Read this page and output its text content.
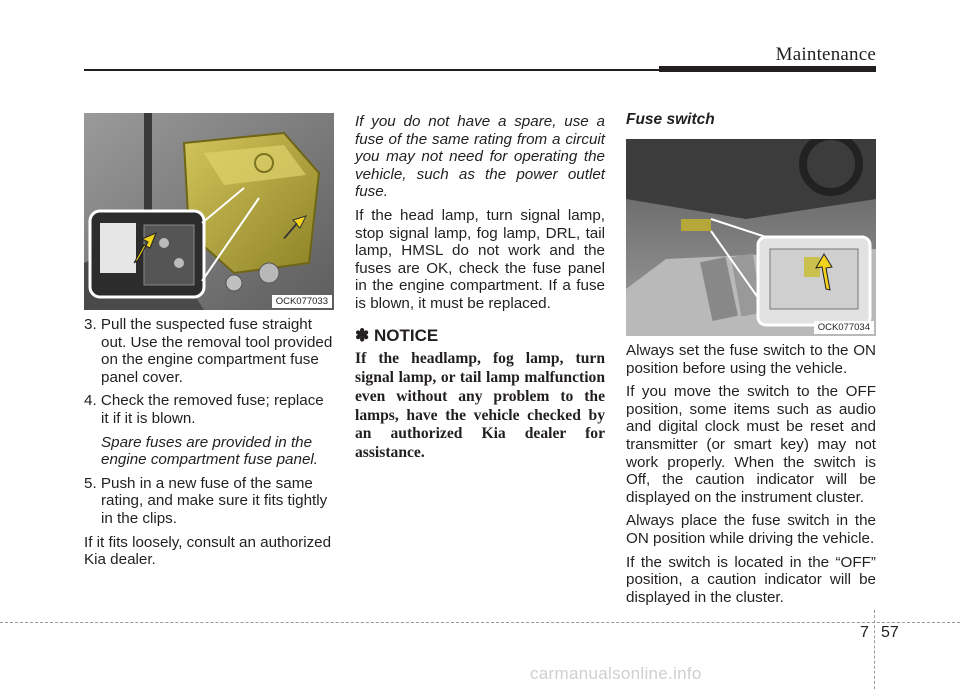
Maintenance
OCK077033

3. Pull the suspected fuse straight out. Use the removal tool provided on the engine compartment fuse panel cover.

4. Check the removed fuse; replace it if it is blown.

Spare fuses are provided in the engine compartment fuse panel.

5. Push in a new fuse of the same rating, and make sure it fits tightly in the clips.

If it fits loosely, consult an authorized Kia dealer.

If you do not have a spare, use a fuse of the same rating from a circuit you may not need for operating the vehicle, such as the power outlet fuse.

If the head lamp, turn signal lamp, stop signal lamp, fog lamp, DRL, tail lamp, HMSL do not work and the fuses are OK, check the fuse panel in the engine compartment. If a fuse is blown, it must be replaced.

✽ NOTICE

If the headlamp, fog lamp, turn signal lamp, or tail lamp malfunction even without any problem to the lamps, have the vehicle checked by an authorized Kia dealer for assistance.

Fuse switch
OCK077034

Always set the fuse switch to the ON position before using the vehicle.

If you move the switch to the OFF position, some items such as audio and digital clock must be reset and transmitter (or smart key) may not work properly. When the switch is Off, the caution indicator will be displayed on the instrument cluster.

Always place the fuse switch in the ON position while driving the vehicle.

If the switch is located in the “OFF” position, a caution indicator will be displayed in the cluster.

7 57
carmanualsonline.info
